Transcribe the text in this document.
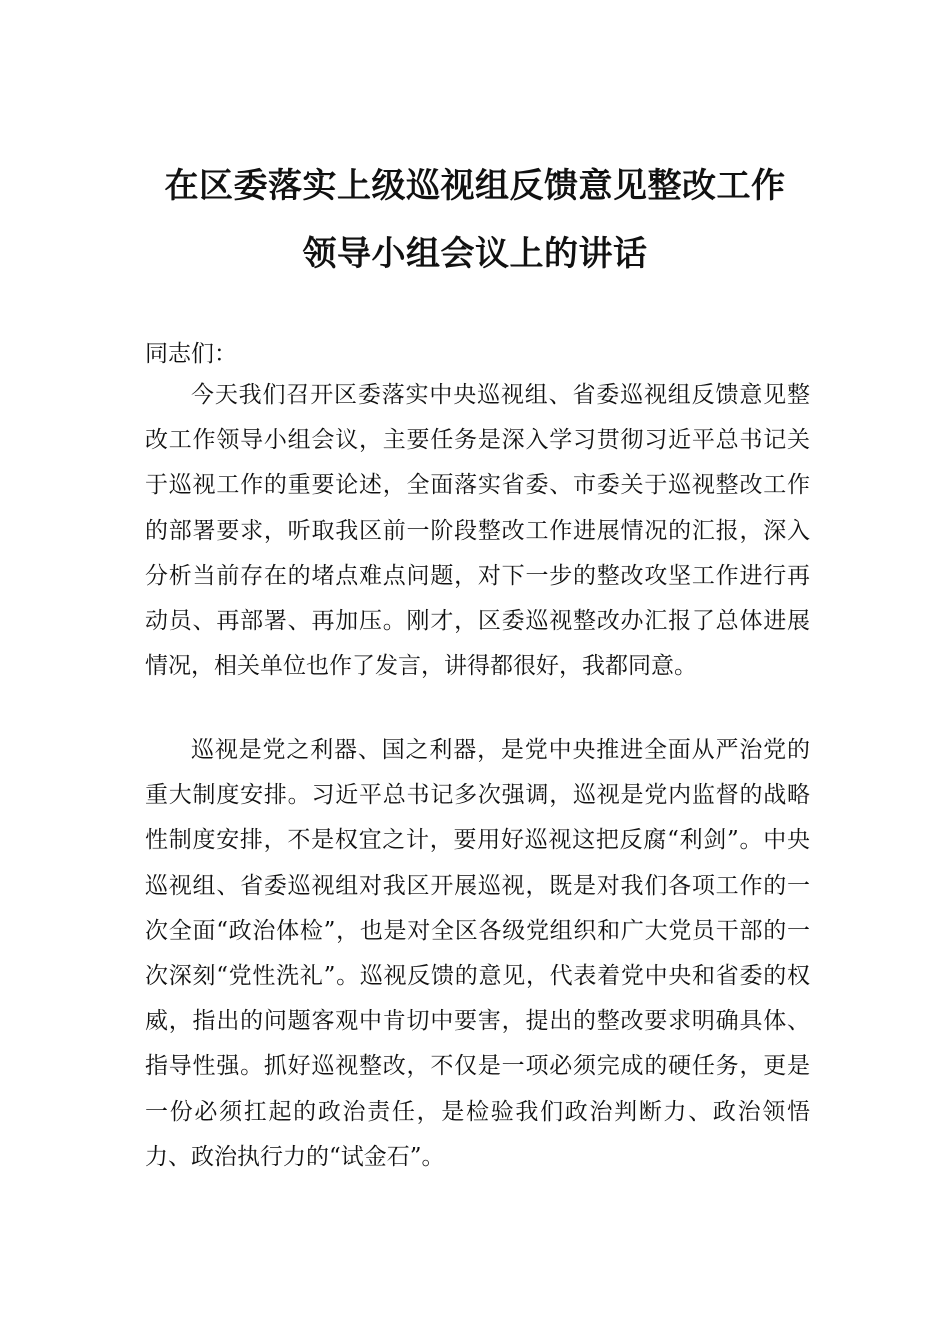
在区委落实上级巡视组反馈意见整改工作
领导小组会议上的讲话
同志们：

今天我们召开区委落实中央巡视组、省委巡视组反馈意见整改工作领导小组会议，主要任务是深入学习贯彻习近平总书记关于巡视工作的重要论述，全面落实省委、市委关于巡视整改工作的部署要求，听取我区前一阶段整改工作进展情况的汇报，深入分析当前存在的堵点难点问题，对下一步的整改攻坚工作进行再动员、再部署、再加压。刚才，区委巡视整改办汇报了总体进展情况，相关单位也作了发言，讲得都很好，我都同意。

巡视是党之利器、国之利器，是党中央推进全面从严治党的重大制度安排。习近平总书记多次强调，巡视是党内监督的战略性制度安排，不是权宜之计，要用好巡视这把反腐“利剑”。中央巡视组、省委巡视组对我区开展巡视，既是对我们各项工作的一次全面“政治体检”，也是对全区各级党组织和广大党员干部的一次深刻“党性洗礼”。巡视反馈的意见，代表着党中央和省委的权威，指出的问题客观中肯切中要害，提出的整改要求明确具体、指导性强。抓好巡视整改，不仅是一项必须完成的硬任务，更是一份必须扛起的政治责任，是检验我们政治判断力、政治领悟力、政治执行力的“试金石”。
